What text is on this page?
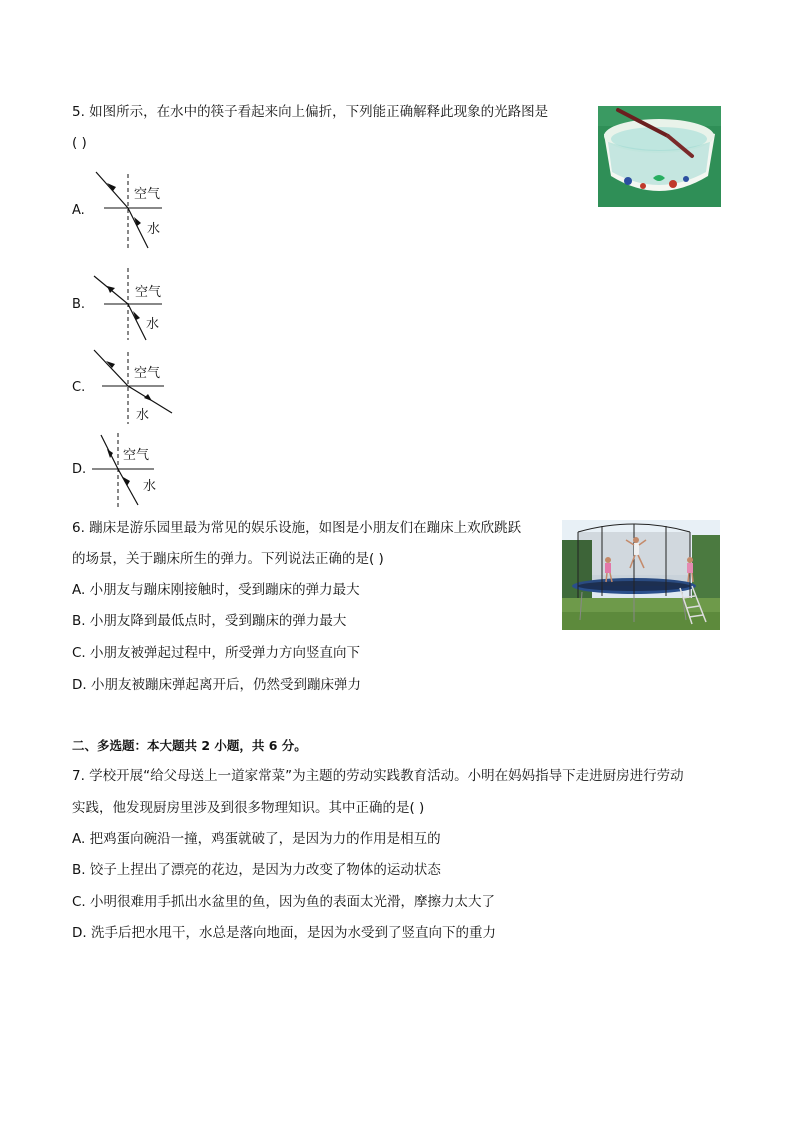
5. 如图所示，在水中的筷子看起来向上偏折，下列能正确解释此现象的光路图是
( )
A.
空气
水
B.
空气
水
C.
空气
水
D.
空气
水
6. 蹦床是游乐园里最为常见的娱乐设施，如图是小朋友们在蹦床上欢欣跳跃
的场景，关于蹦床所生的弹力。下列说法正确的是( )
A. 小朋友与蹦床刚接触时，受到蹦床的弹力最大
B. 小朋友降到最低点时，受到蹦床的弹力最大
C. 小朋友被弹起过程中，所受弹力方向竖直向下
D. 小朋友被蹦床弹起离开后，仍然受到蹦床弹力
二、多选题：本大题共 2 小题，共 6 分。
7. 学校开展“给父母送上一道家常菜”为主题的劳动实践教育活动。小明在妈妈指导下走进厨房进行劳动
实践，他发现厨房里涉及到很多物理知识。其中正确的是( )
A. 把鸡蛋向碗沿一撞，鸡蛋就破了，是因为力的作用是相互的
B. 饺子上捏出了漂亮的花边，是因为力改变了物体的运动状态
C. 小明很难用手抓出水盆里的鱼，因为鱼的表面太光滑，摩擦力太大了
D. 洗手后把水甩干，水总是落向地面，是因为水受到了竖直向下的重力
